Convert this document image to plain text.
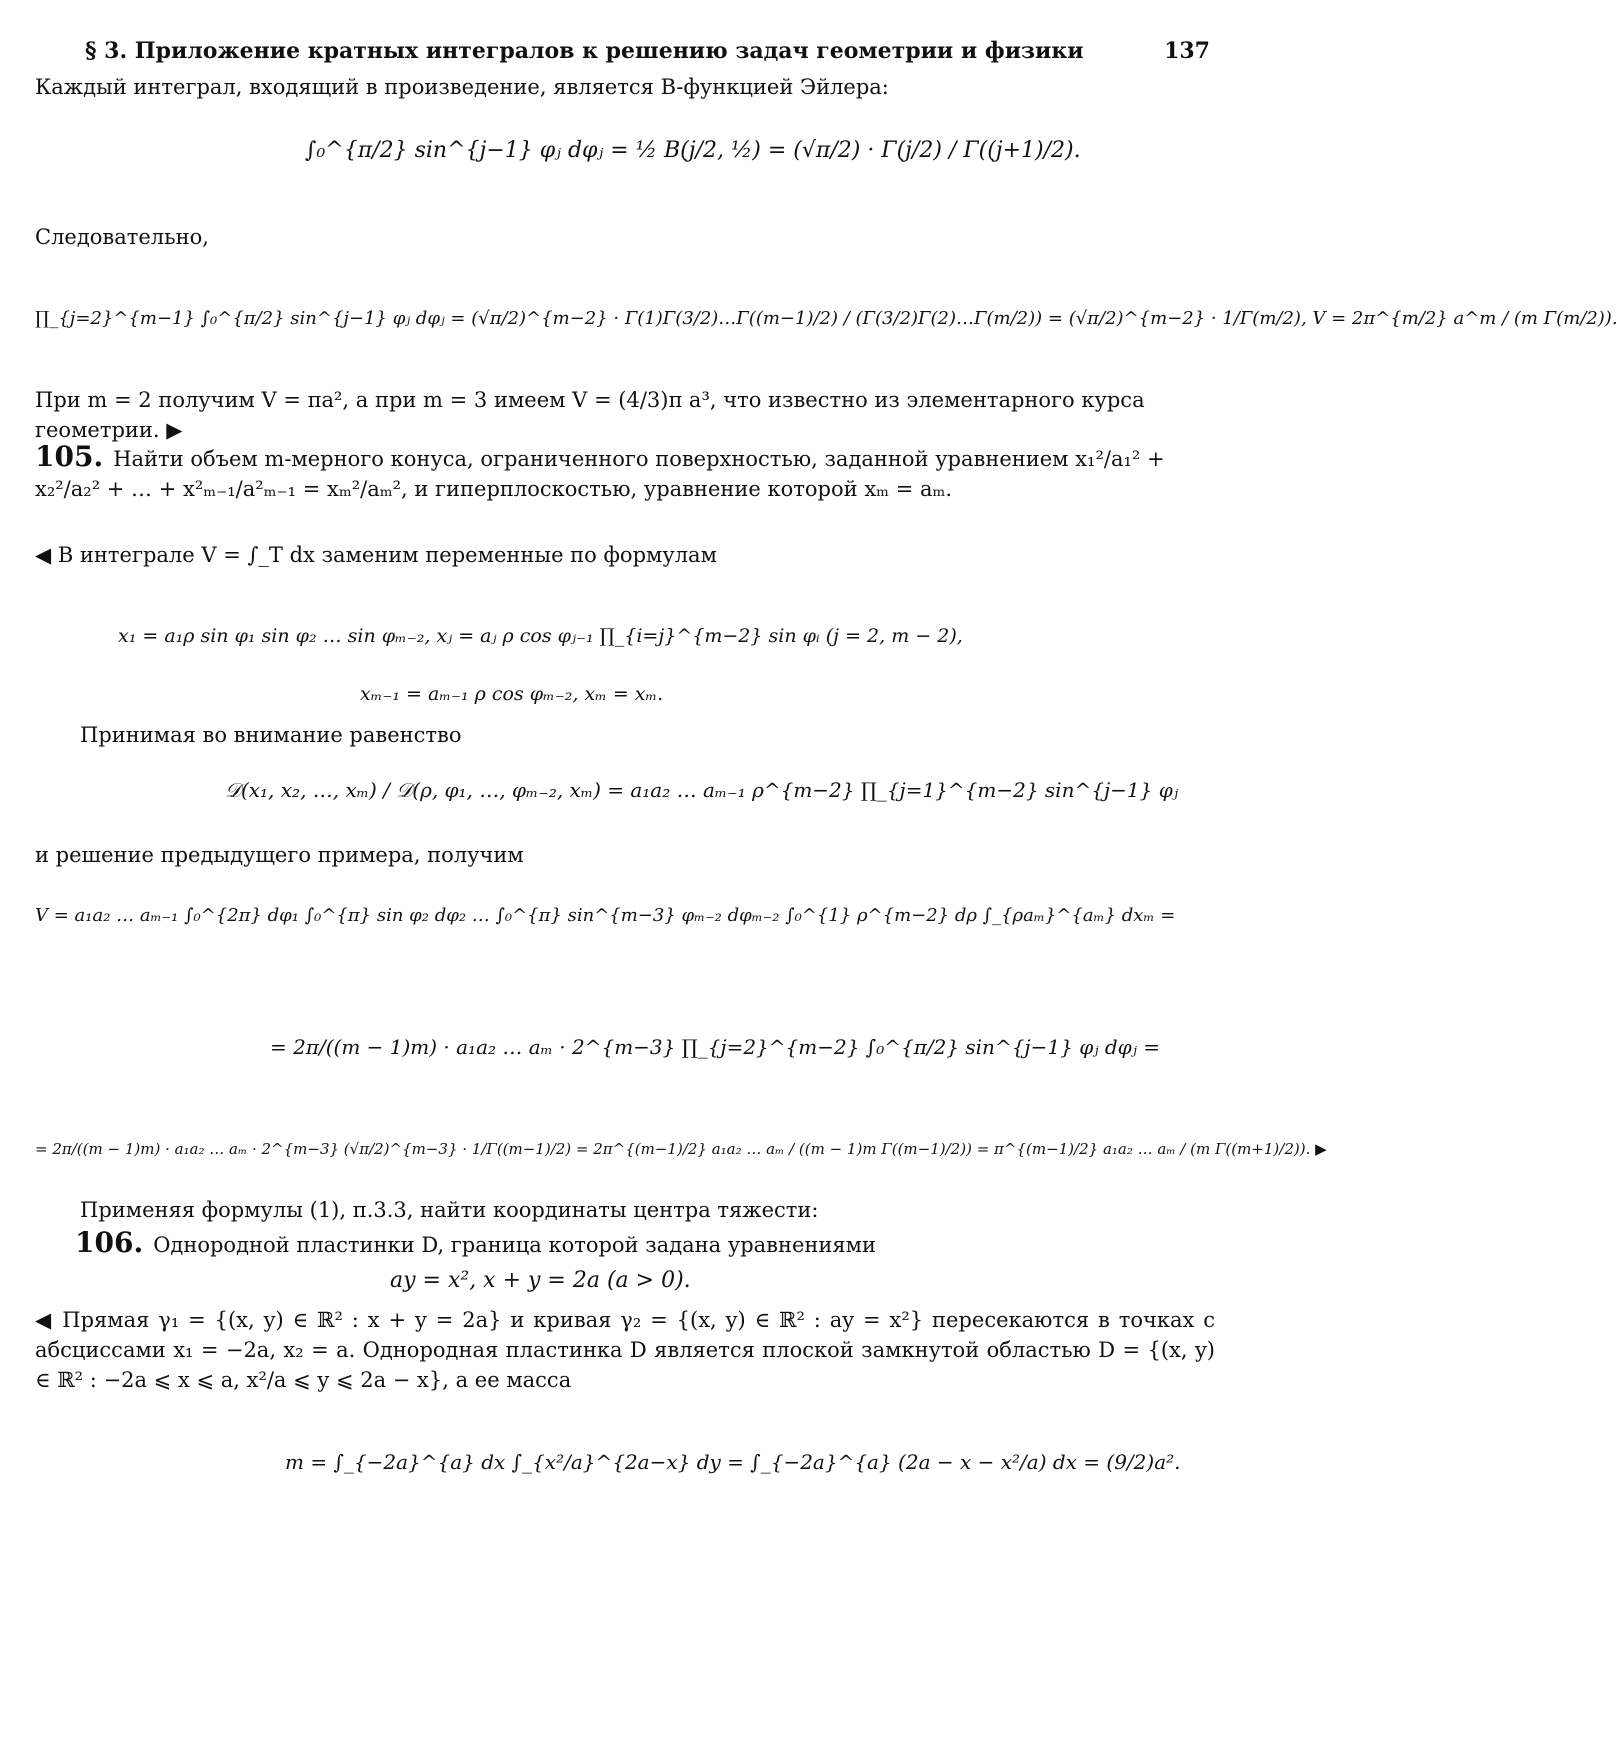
§ 3. Приложение кратных интегралов к решению задач геометрии и физики	137
Каждый интеграл, входящий в произведение, является B-функцией Эйлера:
∫₀^{π/2} sin^{j−1} φⱼ dφⱼ = ½ B(j/2, ½) = (√π/2) · Γ(j/2) / Γ((j+1)/2).
Следовательно,
∏_{j=2}^{m−1} ∫₀^{π/2} sin^{j−1} φⱼ dφⱼ = (√π/2)^{m−2} · Γ(1)Γ(3/2)…Γ((m−1)/2) / (Γ(3/2)Γ(2)…Γ(m/2)) = (√π/2)^{m−2} · 1/Γ(m/2), V = 2π^{m/2} a^m / (m Γ(m/2)).
При m = 2 получим V = πa², а при m = 3 имеем V = (4/3)π a³, что известно из элементарного курса геометрии. ▶
105. Найти объем m-мерного конуса, ограниченного поверхностью, заданной уравнением x₁²/a₁² + x₂²/a₂² + … + x²ₘ₋₁/a²ₘ₋₁ = xₘ²/aₘ², и гиперплоскостью, уравнение которой xₘ = aₘ.
◀ В интеграле V = ∫_T dx заменим переменные по формулам
x₁ = a₁ρ sin φ₁ sin φ₂ … sin φₘ₋₂, xⱼ = aⱼ ρ cos φⱼ₋₁ ∏_{i=j}^{m−2} sin φᵢ (j = 2, m − 2),
xₘ₋₁ = aₘ₋₁ ρ cos φₘ₋₂, xₘ = xₘ.
Принимая во внимание равенство
𝒟(x₁, x₂, …, xₘ) / 𝒟(ρ, φ₁, …, φₘ₋₂, xₘ) = a₁a₂ … aₘ₋₁ ρ^{m−2} ∏_{j=1}^{m−2} sin^{j−1} φⱼ
и решение предыдущего примера, получим
V = a₁a₂ … aₘ₋₁ ∫₀^{2π} dφ₁ ∫₀^{π} sin φ₂ dφ₂ … ∫₀^{π} sin^{m−3} φₘ₋₂ dφₘ₋₂ ∫₀^{1} ρ^{m−2} dρ ∫_{ρaₘ}^{aₘ} dxₘ =
= 2π/((m − 1)m) · a₁a₂ … aₘ · 2^{m−3} ∏_{j=2}^{m−2} ∫₀^{π/2} sin^{j−1} φⱼ dφⱼ =
= 2π/((m − 1)m) · a₁a₂ … aₘ · 2^{m−3} (√π/2)^{m−3} · 1/Γ((m−1)/2) = 2π^{(m−1)/2} a₁a₂ … aₘ / ((m − 1)m Γ((m−1)/2)) = π^{(m−1)/2} a₁a₂ … aₘ / (m Γ((m+1)/2)). ▶
Применяя формулы (1), п.3.3, найти координаты центра тяжести:
106. Однородной пластинки D, граница которой задана уравнениями
ay = x², x + y = 2a (a > 0).
◀ Прямая γ₁ = {(x, y) ∈ ℝ² : x + y = 2a} и кривая γ₂ = {(x, y) ∈ ℝ² : ay = x²} пересекаются в точках с абсциссами x₁ = −2a, x₂ = a. Однородная пластинка D является плоской замкнутой областью D = {(x, y) ∈ ℝ² : −2a ⩽ x ⩽ a, x²/a ⩽ y ⩽ 2a − x}, а ее масса
m = ∫_{−2a}^{a} dx ∫_{x²/a}^{2a−x} dy = ∫_{−2a}^{a} (2a − x − x²/a) dx = (9/2)a².
